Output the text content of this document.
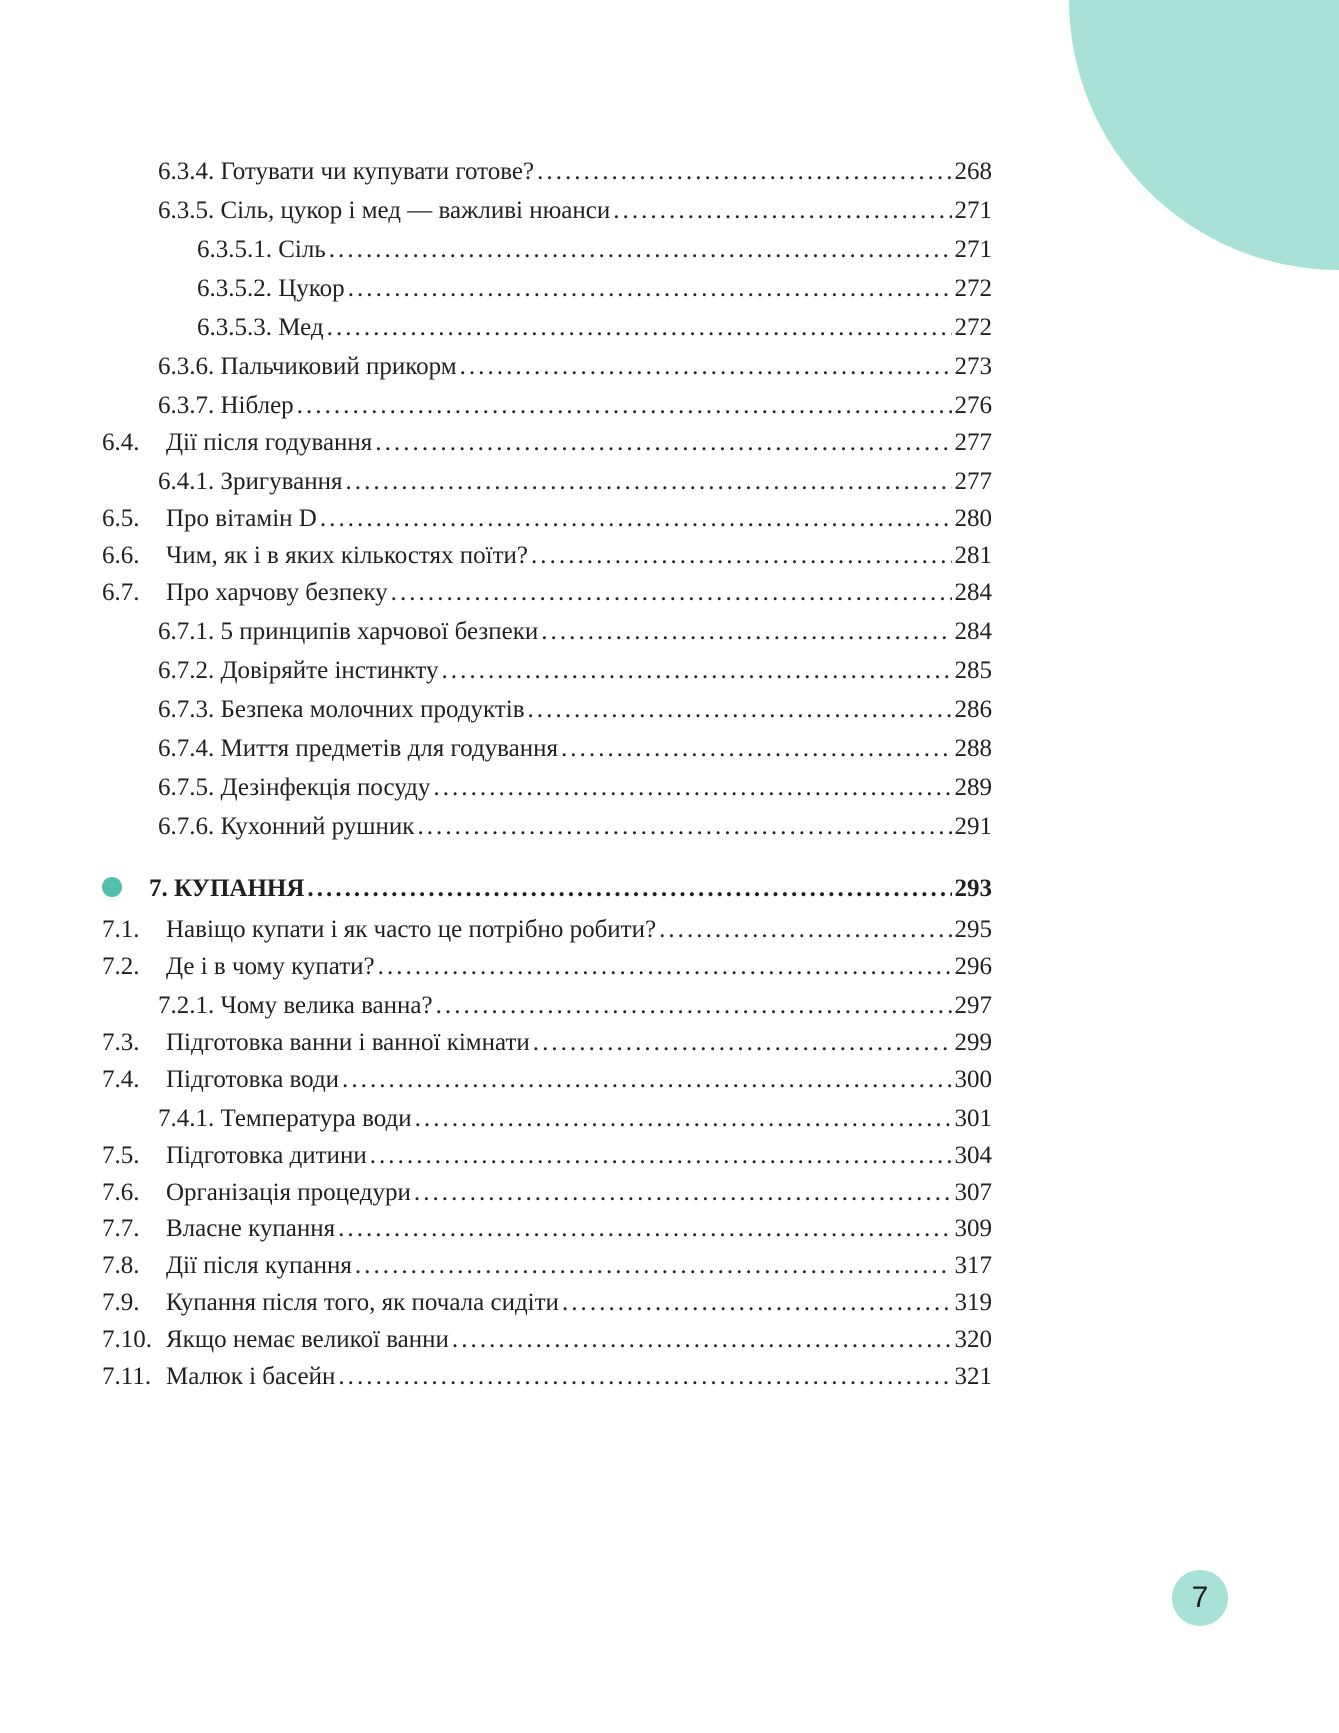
6.3.4. Готувати чи купувати готове? . . .	268
6.3.5. Сіль, цукор і мед — важливі нюанси . . .	271
6.3.5.1. Сіль . . .	271
6.3.5.2. Цукор . . .	272
6.3.5.3. Мед . . .	272
6.3.6. Пальчиковий прикорм . . .	273
6.3.7. Ніблер . . .	276
6.4.	Дії після годування . . .	277
6.4.1. Зригування . . .	277
6.5.	Про вітамін D . . .	280
6.6.	Чим, як і в яких кількостях поїти? . . .	281
6.7.	Про харчову безпеку . . .	284
6.7.1. 5 принципів харчової безпеки . . .	284
6.7.2. Довіряйте інстинкту . . .	285
6.7.3. Безпека молочних продуктів . . .	286
6.7.4. Миття предметів для годування . . .	288
6.7.5. Дезінфекція посуду . . .	289
6.7.6. Кухонний рушник . . .	291
7. КУПАННЯ . . .	293
7.1.	Навіщо купати і як часто це потрібно робити? . . .	295
7.2.	Де і в чому купати? . . .	296
7.2.1. Чому велика ванна? . . .	297
7.3.	Підготовка ванни і ванної кімнати . . .	299
7.4.	Підготовка води . . .	300
7.4.1. Температура води . . .	301
7.5.	Підготовка дитини . . .	304
7.6.	Організація процедури . . .	307
7.7.	Власне купання . . .	309
7.8.	Дії після купання . . .	317
7.9.	Купання після того, як почала сидіти . . .	319
7.10. Якщо немає великої ванни . . .	320
7.11. Малюк і басейн . . .	321
7
